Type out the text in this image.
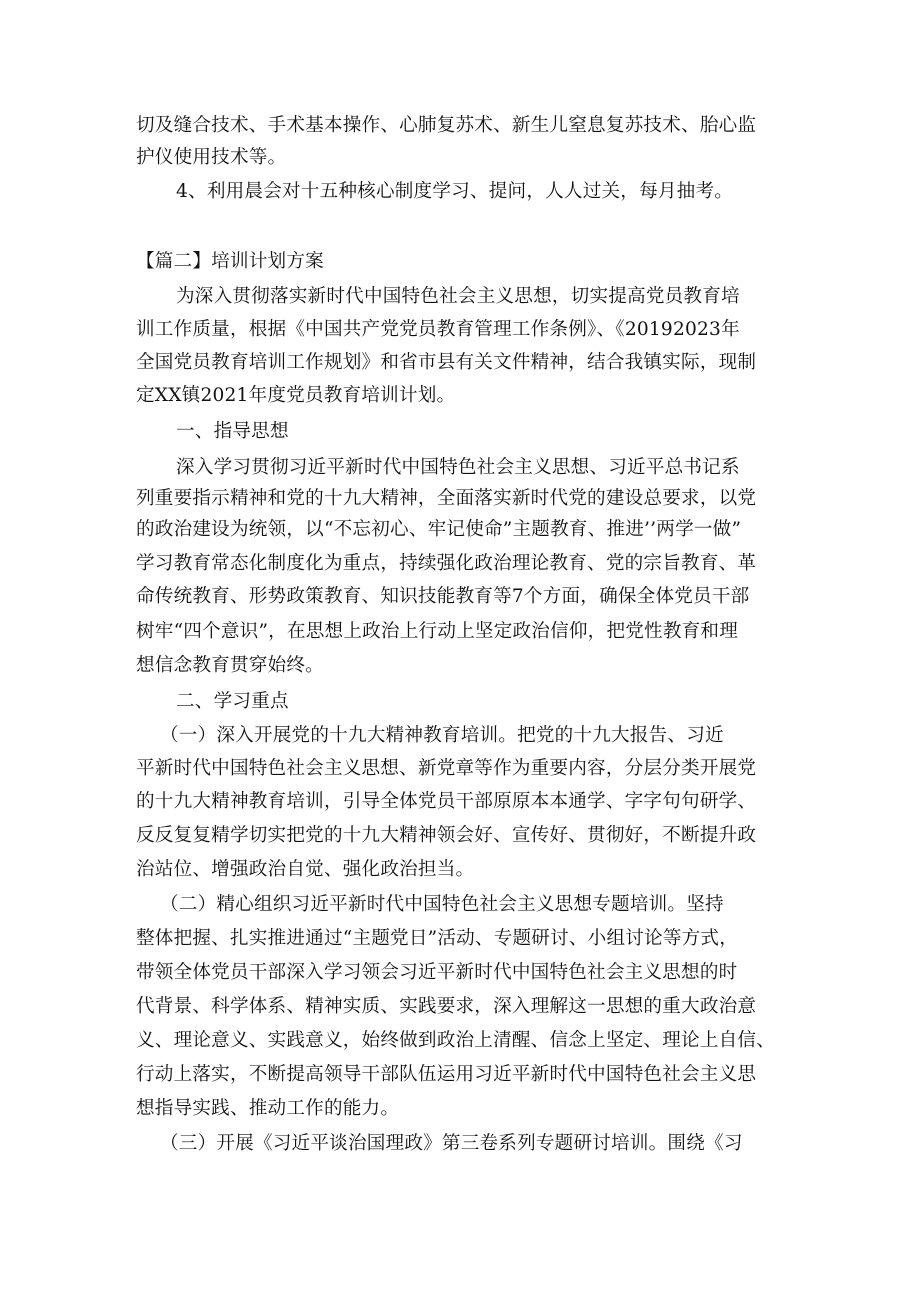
切及缝合技术、手术基本操作、心肺复苏术、新生儿窒息复苏技术、胎心监
护仪使用技术等。
4、利用晨会对十五种核心制度学习、提问，人人过关，每月抽考。
【篇二】培训计划方案
为深入贯彻落实新时代中国特色社会主义思想，切实提高党员教育培
训工作质量，根据《中国共产党党员教育管理工作条例》、《20192023年
全国党员教育培训工作规划》和省市县有关文件精神，结合我镇实际，现制
定XX镇2021年度党员教育培训计划。
一、指导思想
深入学习贯彻习近平新时代中国特色社会主义思想、习近平总书记系
列重要指示精神和党的十九大精神，全面落实新时代党的建设总要求，以党
的政治建设为统领，以“不忘初心、牢记使命”主题教育、推进’’两学一做”
学习教育常态化制度化为重点，持续强化政治理论教育、党的宗旨教育、革
命传统教育、形势政策教育、知识技能教育等7个方面，确保全体党员干部
树牢“四个意识”，在思想上政治上行动上坚定政治信仰，把党性教育和理
想信念教育贯穿始终。
二、学习重点
（一）深入开展党的十九大精神教育培训。把党的十九大报告、习近
平新时代中国特色社会主义思想、新党章等作为重要内容，分层分类开展党
的十九大精神教育培训，引导全体党员干部原原本本通学、字字句句研学、
反反复复精学切实把党的十九大精神领会好、宣传好、贯彻好，不断提升政
治站位、增强政治自觉、强化政治担当。
（二）精心组织习近平新时代中国特色社会主义思想专题培训。坚持
整体把握、扎实推进通过“主题党日”活动、专题研讨、小组讨论等方式，
带领全体党员干部深入学习领会习近平新时代中国特色社会主义思想的时
代背景、科学体系、精神实质、实践要求，深入理解这一思想的重大政治意
义、理论意义、实践意义，始终做到政治上清醒、信念上坚定、理论上自信、
行动上落实，不断提高领导干部队伍运用习近平新时代中国特色社会主义思
想指导实践、推动工作的能力。
（三）开展《习近平谈治国理政》第三卷系列专题研讨培训。围绕《习
